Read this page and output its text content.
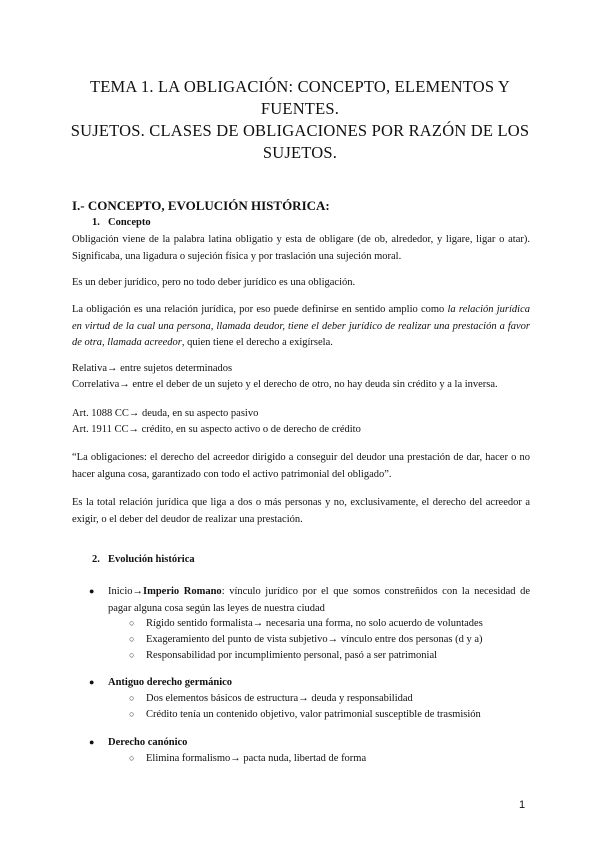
TEMA 1. LA OBLIGACIÓN: CONCEPTO, ELEMENTOS Y FUENTES.
SUJETOS. CLASES DE OBLIGACIONES POR RAZÓN DE LOS SUJETOS.
I.- CONCEPTO, EVOLUCIÓN HISTÓRICA:
1. Concepto
Obligación viene de la palabra latina obligatio y esta de obligare (de ob, alrededor, y ligare, ligar o atar). Significaba, una ligadura o sujeción física y por traslación una sujeción moral.
Es un deber jurídico, pero no todo deber jurídico es una obligación.
La obligación es una relación jurídica, por eso puede definirse en sentido amplio como la relación jurídica en virtud de la cual una persona, llamada deudor, tiene el deber jurídico de realizar una prestación a favor de otra, llamada acreedor, quien tiene el derecho a exigírsela.
Relativa→ entre sujetos determinados
Correlativa→ entre el deber de un sujeto y el derecho de otro, no hay deuda sin crédito y a la inversa.
Art. 1088 CC→ deuda, en su aspecto pasivo
Art. 1911 CC→ crédito, en su aspecto activo o de derecho de crédito
“La obligaciones: el derecho del acreedor dirigido a conseguir del deudor una prestación de dar, hacer o no hacer alguna cosa, garantizado con todo el activo patrimonial del obligado”.
Es la total relación jurídica que liga a dos o más personas y no, exclusivamente, el derecho del acreedor a exigir, o el deber del deudor de realizar una prestación.
2. Evolución histórica
● Inicio→Imperio Romano: vínculo jurídico por el que somos constreñidos con la necesidad de pagar alguna cosa según las leyes de nuestra ciudad
○ Rígido sentido formalista→ necesaria una forma, no solo acuerdo de voluntades
○ Exageramiento del punto de vista subjetivo→ vínculo entre dos personas (d y a)
○ Responsabilidad por incumplimiento personal, pasó a ser patrimonial
● Antiguo derecho germánico
○ Dos elementos básicos de estructura→ deuda y responsabilidad
○ Crédito tenía un contenido objetivo, valor patrimonial susceptible de trasmisión
● Derecho canónico
○ Elimina formalismo→ pacta nuda, libertad de forma
1
